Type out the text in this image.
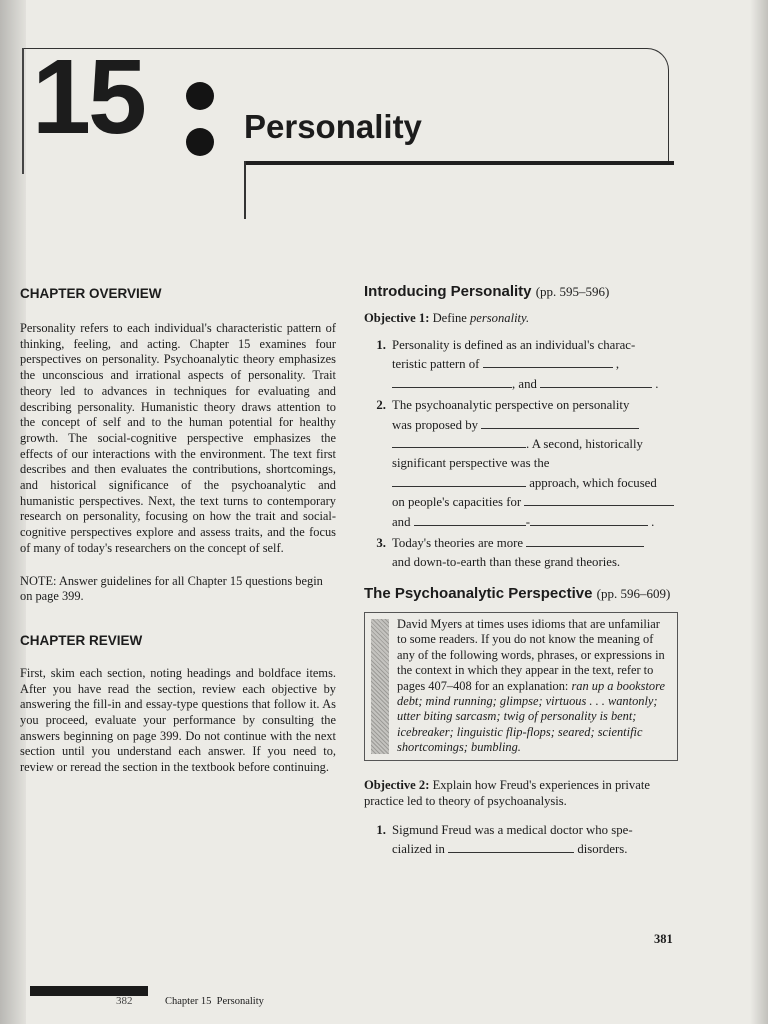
15	Personality
CHAPTER OVERVIEW

Personality refers to each individual's characteristic pattern of thinking, feeling, and acting. Chapter 15 examines four perspectives on personality. Psychoanalytic theory emphasizes the unconscious and irrational aspects of personality. Trait theory led to advances in techniques for evaluating and describing personality. Humanistic theory draws attention to the concept of self and to the human potential for healthy growth. The social-cognitive perspective emphasizes the effects of our interactions with the environment. The text first describes and then evaluates the contributions, shortcomings, and historical significance of the psychoanalytic and humanistic perspectives. Next, the text turns to contemporary research on personality, focusing on how the trait and social-cognitive perspectives explore and assess traits, and the focus of many of today's researchers on the concept of self.

NOTE: Answer guidelines for all Chapter 15 questions begin on page 399.

CHAPTER REVIEW

First, skim each section, noting headings and boldface items. After you have read the section, review each objective by answering the fill-in and essay-type questions that follow it. As you proceed, evaluate your performance by consulting the answers beginning on page 399. Do not continue with the next section until you understand each answer. If you need to, review or reread the section in the textbook before continuing.

Introducing Personality (pp. 595–596)

Objective 1: Define personality.

1. Personality is defined as an individual's charac-
teristic pattern of	,
, and	.
2. The psychoanalytic perspective on personality
was proposed by
. A second, historically
significant perspective was the
approach, which focused
on people's capacities for
and	-	.
3. Today's theories are more
and down-to-earth than these grand theories.
The Psychoanalytic Perspective (pp. 596–609)

David Myers at times uses idioms that are unfamiliar to some readers. If you do not know the meaning of any of the following words, phrases, or expressions in the context in which they appear in the text, refer to pages 407–408 for an explanation: ran up a bookstore debt; mind running; glimpse; virtuous . . . wantonly; utter biting sarcasm; twig of personality is bent; icebreaker; linguistic flip-flops; seared; scientific shortcomings; bumbling.

Objective 2: Explain how Freud's experiences in private practice led to theory of psychoanalysis.

1. Sigmund Freud was a medical doctor who spe-
cialized in	disorders.

381

382	Chapter 15 Personality
